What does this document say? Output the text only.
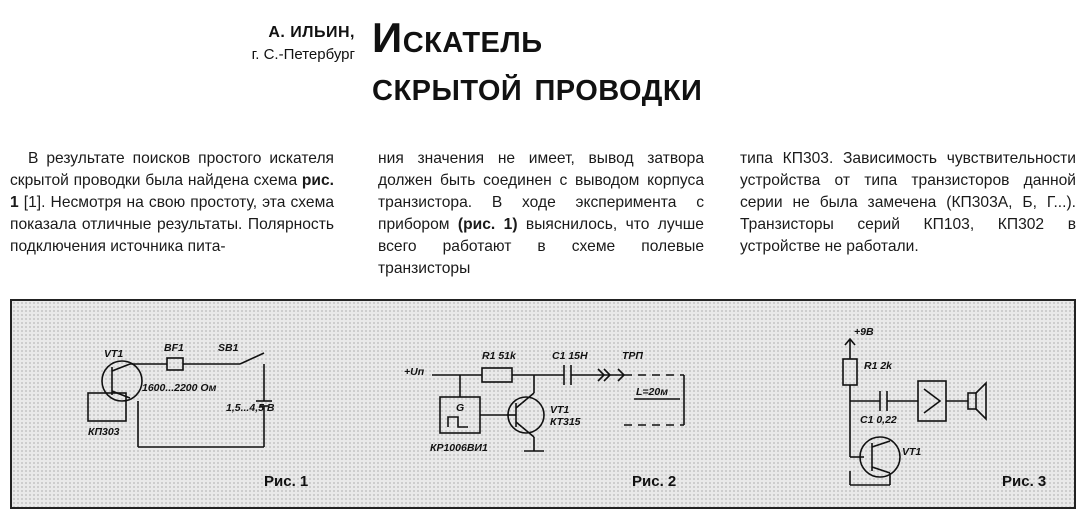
А. ИЛЬИН,
г. С.-Петербург Искатель
скрытой проводки

В результате поисков простого искателя скрытой проводки была найдена схема рис. 1 [1]. Несмотря на свою простоту, эта схема показала отличные результаты. Полярность подключения источника пита-

ния значения не имеет, вывод затвора должен быть соединен с выводом корпуса транзистора. В ходе эксперимента с прибором (рис. 1) выяснилось, что лучше всего работают в схеме полевые транзисторы

типа КП303. Зависимость чувствительности устройства от типа транзисторов данной серии не была замечена (КП303А, Б, Г...). Транзисторы серий КП103, КП302 в устройстве не работали.

VT1	BF1	SB1
1600...2200 Ом
1,5...4,5 В
КП303
R1 51k	C1 15H	ТРП
+Uп
G	VT1
КТ315
L=20м
КР1006ВИ1
+9В
R1 2k
C1 0,22
VT1
Рис. 1	Рис. 2	Рис. 3
